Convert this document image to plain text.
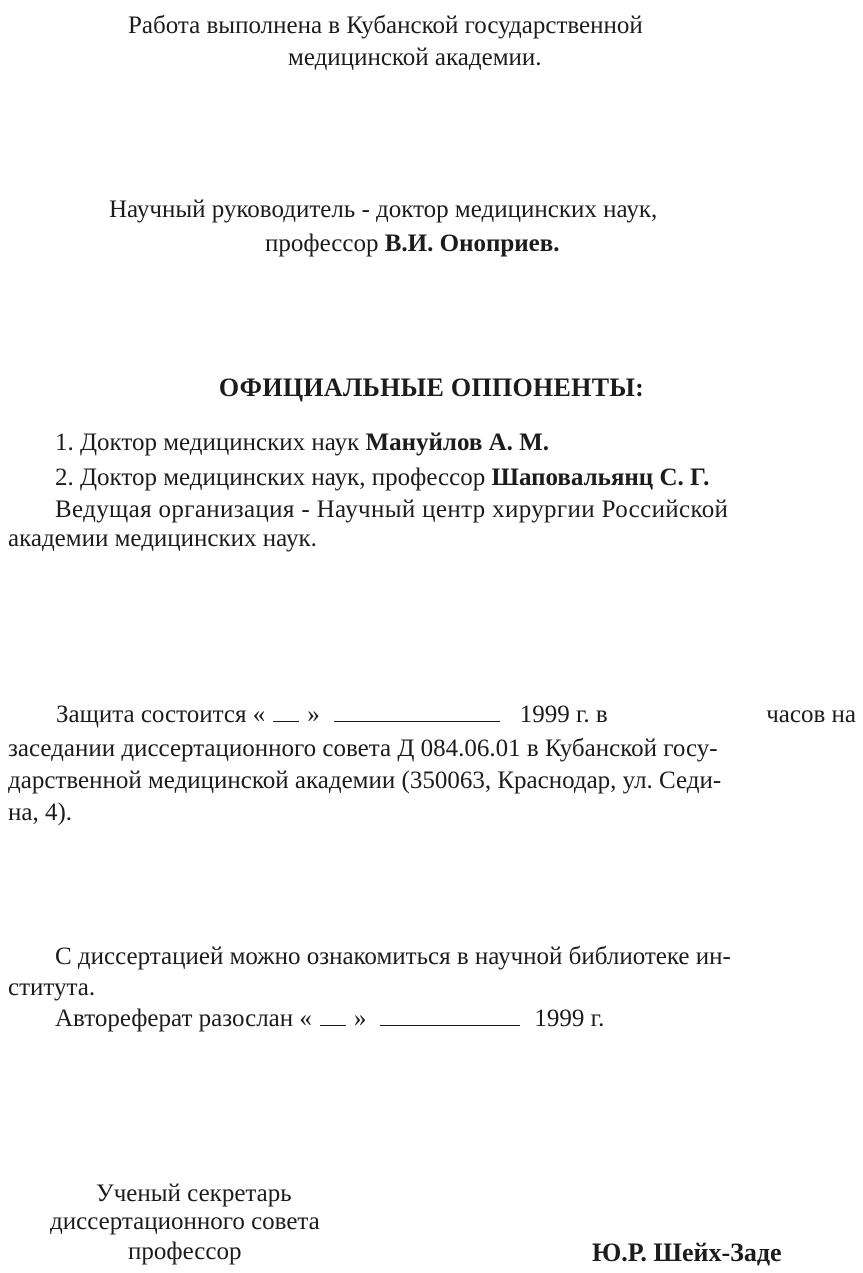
Работа выполнена в Кубанской государственной
медицинской академии.
Научный руководитель - доктор медицинских наук,
профессор В.И. Оноприев.
ОФИЦИАЛЬНЫЕ ОППОНЕНТЫ:
1. Доктор медицинских наук Мануйлов А. М.
2. Доктор медицинских наук, профессор Шаповальянц С. Г.
Ведущая организация - Научный центр хирургии Российской
академии медицинских наук.
Защита состоится « »	1999 г. в	часов на
заседании диссертационного совета Д 084.06.01 в Кубанской госу-
дарственной медицинской академии (350063, Краснодар, ул. Седи-
на, 4).
С диссертацией можно ознакомиться в научной библиотеке ин-
ститута.
Автореферат разослан « »	1999 г.
Ученый секретарь
диссертационного совета
профессор	Ю.Р. Шейх-Заде
